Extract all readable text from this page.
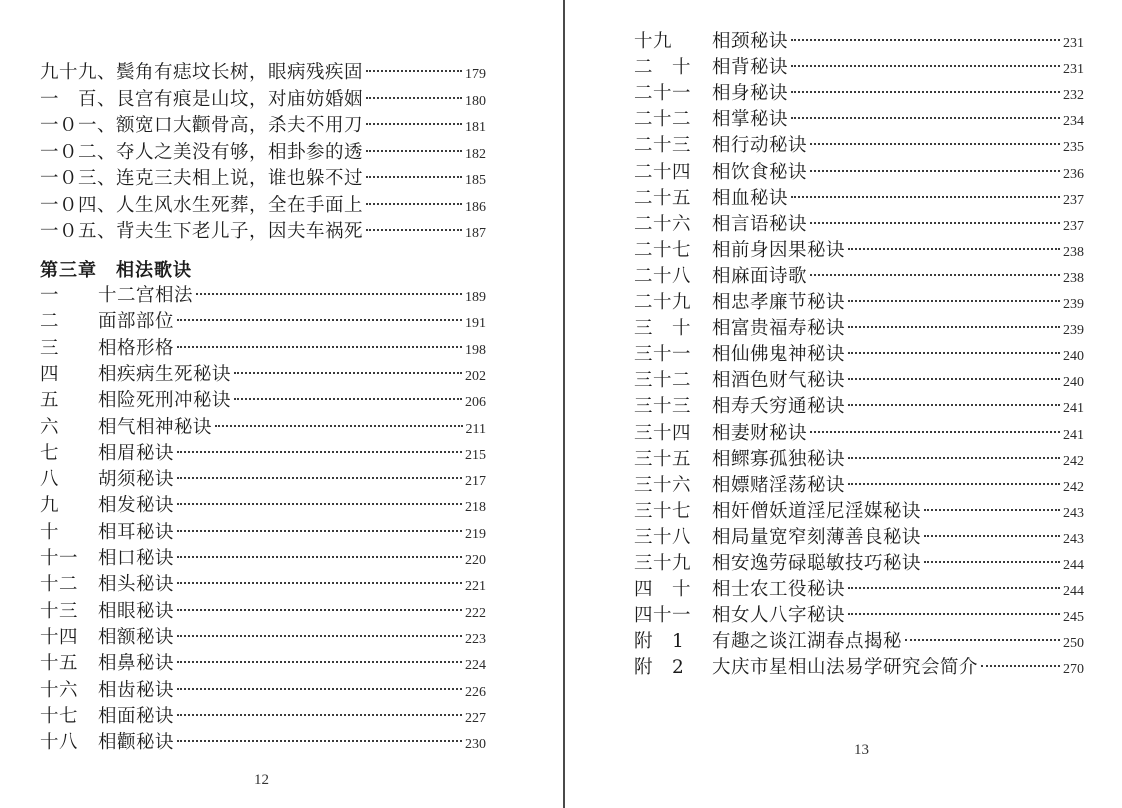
九十九、 鬓角有痣坟长树，眼病残疾固	179
一　百、 艮宫有痕是山坟，对庙妨婚姻	180
一０一、 额宽口大颧骨高，杀夫不用刀	181
一０二、 夺人之美没有够，相卦参的透	182
一０三、 连克三夫相上说，谁也躲不过	185
一０四、 人生风水生死葬，全在手面上	186
一０五、 背夫生下老儿子，因夫车祸死	187
第三章　相法歌诀
一	十二宫相法	189
二	面部部位	191
三	相格形格	198
四	相疾病生死秘诀	202
五	相险死刑冲秘诀	206
六	相气相神秘诀	211
七	相眉秘诀	215
八	胡须秘诀	217
九	相发秘诀	218
十	相耳秘诀	219
十一	相口秘诀	220
十二	相头秘诀	221
十三	相眼秘诀	222
十四	相额秘诀	223
十五	相鼻秘诀	224
十六	相齿秘诀	226
十七	相面秘诀	227
十八	相颧秘诀	230
12
十九	相颈秘诀	231
二　十	相背秘诀	231
二十一	相身秘诀	232
二十二	相掌秘诀	234
二十三	相行动秘诀	235
二十四	相饮食秘诀	236
二十五	相血秘诀	237
二十六	相言语秘诀	237
二十七	相前身因果秘诀	238
二十八	相麻面诗歌	238
二十九	相忠孝廉节秘诀	239
三　十	相富贵福寿秘诀	239
三十一	相仙佛鬼神秘诀	240
三十二	相酒色财气秘诀	240
三十三	相寿夭穷通秘诀	241
三十四	相妻财秘诀	241
三十五	相鳏寡孤独秘诀	242
三十六	相嫖赌淫荡秘诀	242
三十七	相奸僧妖道淫尼淫媒秘诀	243
三十八	相局量宽窄刻薄善良秘诀	243
三十九	相安逸劳碌聪敏技巧秘诀	244
四　十	相士农工役秘诀	244
四十一	相女人八字秘诀	245
附　1	有趣之谈江湖春点揭秘	250
附　2	大庆市星相山法易学研究会简介	270
13
